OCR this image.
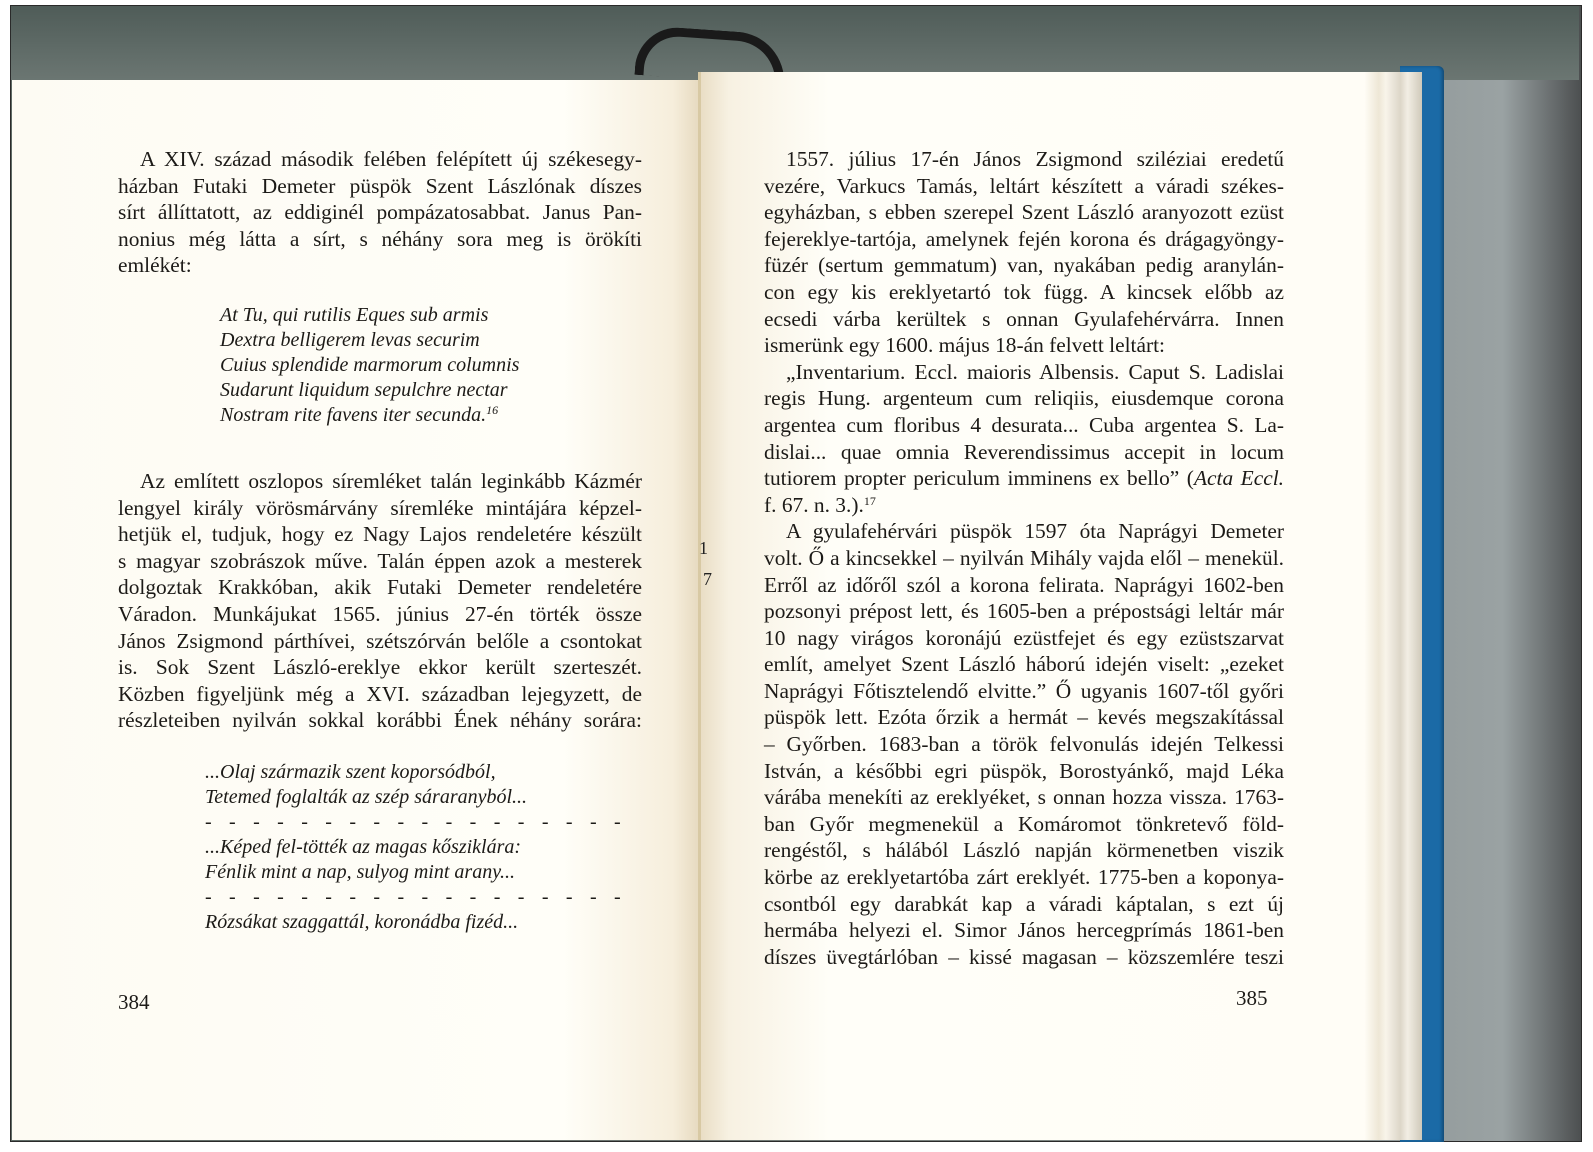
A XIV. század második felében felépített új székesegy-
házban Futaki Demeter püspök Szent Lászlónak díszes
sírt állíttatott, az eddiginél pompázatosabbat. Janus Pan-
nonius még látta a sírt, s néhány sora meg is örökíti
emlékét:
At Tu, qui rutilis Eques sub armis
Dextra belligerem levas securim
Cuius splendide marmorum columnis
Sudarunt liquidum sepulchre nectar
Nostram rite favens iter secunda.$^{16}$
Az említett oszlopos síremléket talán leginkább Kázmér
lengyel király vörösmárvány síremléke mintájára képzel-
hetjük el, tudjuk, hogy ez Nagy Lajos rendeletére készült
s magyar szobrászok műve. Talán éppen azok a mesterek
dolgoztak Krakkóban, akik Futaki Demeter rendeletére
Váradon. Munkájukat 1565. június 27-én törték össze
János Zsigmond párthívei, szétszórván belőle a csontokat
is. Sok Szent László-ereklye ekkor került szerteszét.
Közben figyeljünk még a XVI. században lejegyzett, de
részleteiben nyilván sokkal korábbi Ének néhány sorára:
...Olaj származik szent koporsódból,
Tetemed foglalták az szép sáraranyból...
- - - - - - - - - - - - - - - - - -
...Képed fel-tötték az magas kősziklára:
Fénlik mint a nap, sulyog mint arany...
- - - - - - - - - - - - - - - - - -
Rózsákat szaggattál, koronádba fizéd...
384
1
7
1557. július 17-én János Zsigmond sziléziai eredetű
vezére, Varkucs Tamás, leltárt készített a váradi székes-
egyházban, s ebben szerepel Szent László aranyozott ezüst
fejereklye-tartója, amelynek fején korona és drágagyöngy-
füzér (sertum gemmatum) van, nyakában pedig aranylán-
con egy kis ereklyetartó tok függ. A kincsek előbb az
ecsedi várba kerültek s onnan Gyulafehérvárra. Innen
ismerünk egy 1600. május 18-án felvett leltárt:
„Inventarium. Eccl. maioris Albensis. Caput S. Ladislai
regis Hung. argenteum cum reliqiis, eiusdemque corona
argentea cum floribus 4 desurata... Cuba argentea S. La-
dislai... quae omnia Reverendissimus accepit in locum
tutiorem propter periculum imminens ex bello” (Acta Eccl.
f. 67. n. 3.).$^{17}$
A gyulafehérvári püspök 1597 óta Naprágyi Demeter
volt. Ő a kincsekkel – nyilván Mihály vajda elől – menekül.
Erről az időről szól a korona felirata. Naprágyi 1602-ben
pozsonyi prépost lett, és 1605-ben a prépostsági leltár már
10 nagy virágos koronájú ezüstfejet és egy ezüstszarvat
említ, amelyet Szent László háború idején viselt: „ezeket
Naprágyi Főtisztelendő elvitte.” Ő ugyanis 1607-től győri
püspök lett. Ezóta őrzik a hermát – kevés megszakítással
– Győrben. 1683-ban a török felvonulás idején Telkessi
István, a későbbi egri püspök, Borostyánkő, majd Léka
várába menekíti az ereklyéket, s onnan hozza vissza. 1763-
ban Győr megmenekül a Komáromot tönkretevő föld-
rengéstől, s hálából László napján körmenetben viszik
körbe az ereklyetartóba zárt ereklyét. 1775-ben a koponya-
csontból egy darabkát kap a váradi káptalan, s ezt új
hermába helyezi el. Simor János hercegprímás 1861-ben
díszes üvegtárlóban – kissé magasan – közszemlére teszi
385
